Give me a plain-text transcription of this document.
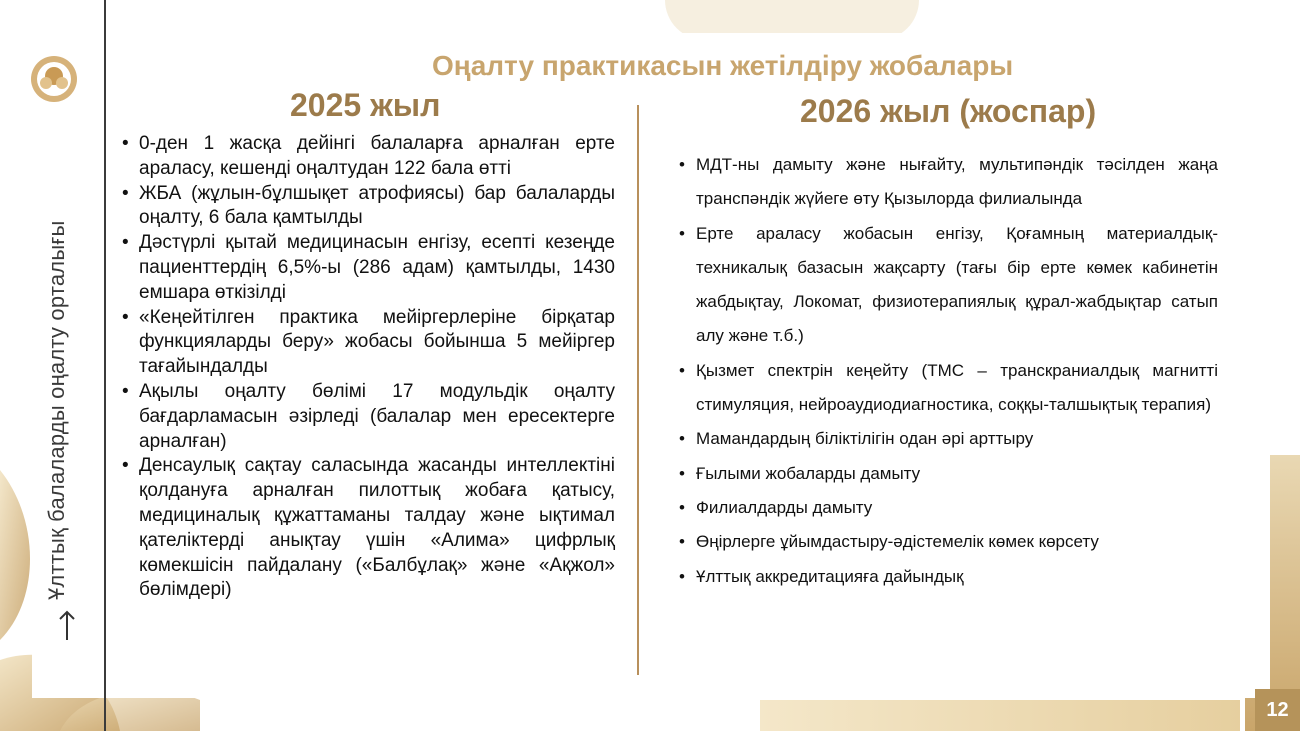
Ұлттық балаларды оңалту орталығы
Оңалту практикасын жетілдіру жобалары
2025 жыл	2026 жыл (жоспар)
• 0-ден 1 жасқа дейінгі балаларға арналған ерте араласу, кешенді оңалтудан 122 бала өтті
• ЖБА (жұлын-бұлшықет атрофиясы) бар балаларды оңалту, 6 бала қамтылды
• Дәстүрлі қытай медицинасын енгізу, есепті кезеңде пациенттердің 6,5%-ы (286 адам) қамтылды, 1430 емшара өткізілді
• «Кеңейтілген практика мейіргерлеріне бірқатар функцияларды беру» жобасы бойынша 5 мейіргер тағайындалды
• Ақылы оңалту бөлімі 17 модульдік оңалту бағдарламасын әзірледі (балалар мен ересектерге арналған)
• Денсаулық сақтау саласында жасанды интеллектіні қолдануға арналған пилоттық жобаға қатысу, медициналық құжаттаманы талдау және ықтимал қателіктерді анықтау үшін «Алима» цифрлық көмекшісін пайдалану («Балбұлақ» және «Ақжол» бөлімдері)
• МДТ-ны дамыту және нығайту, мультипәндік тәсілден жаңа транспәндік жүйеге өту Қызылорда филиалында
• Ерте араласу жобасын енгізу, Қоғамның материалдық-техникалық базасын жақсарту (тағы бір ерте көмек кабинетін жабдықтау, Локомат, физиотерапиялық құрал-жабдықтар сатып алу және т.б.)
• Қызмет спектрін кеңейту (ТМС – транскраниалдық магнитті стимуляция, нейроаудиодиагностика, соққы-талшықтық терапия)
• Мамандардың біліктілігін одан әрі арттыру
• Ғылыми жобаларды дамыту
• Филиалдарды дамыту
• Өңірлерге ұйымдастыру-әдістемелік көмек көрсету
• Ұлттық аккредитацияға дайындық
12
